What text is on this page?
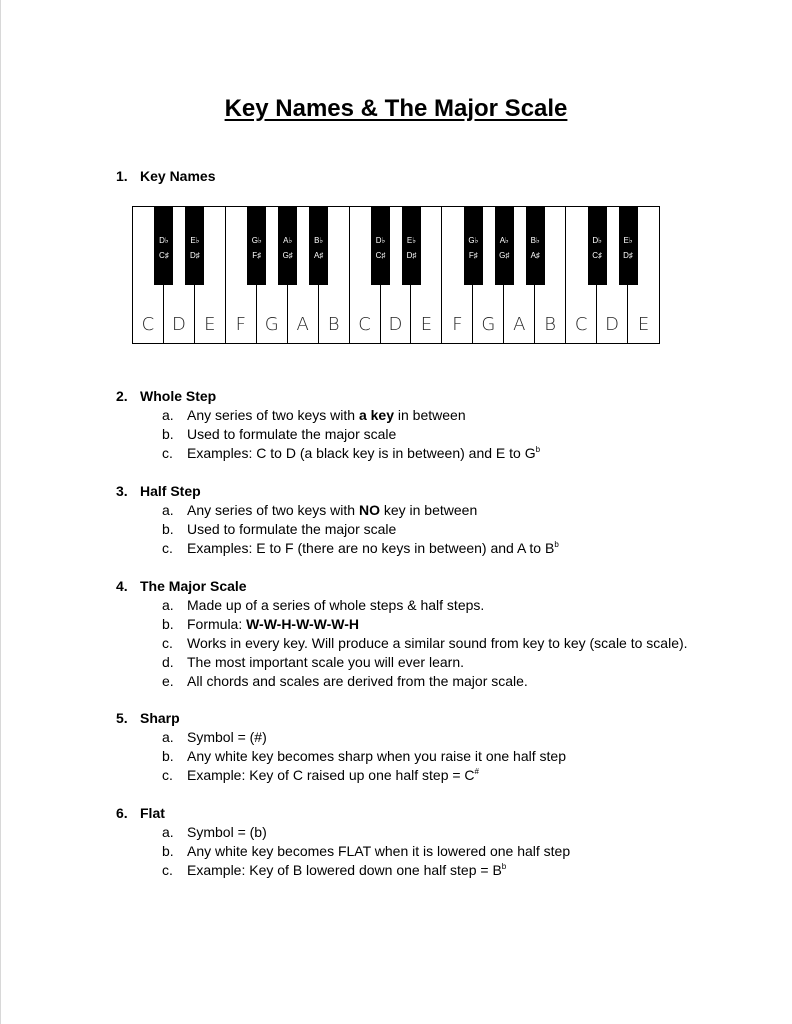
Key Names & The Major Scale
1. Key Names
C D	E	F	G A	B	C D	E	F	G A	B	C D	E
D♭
C♯
E♭
D♯
G♭
F♯
A♭
G♯
B♭
A♯
D♭
C♯
E♭
D♯
G♭
F♯
A♭
G♯
B♭
A♯
D♭
C♯
E♭
D♯
2. Whole Step
a. Any series of two keys with a key in between
b. Used to formulate the major scale
c.	Examples: C to D (a black key is in between) and E to $G^b$
3. Half Step
a. Any series of two keys with NO key in between
b. Used to formulate the major scale
c.	Examples: E to F (there are no keys in between) and A to $B^b$
4. The Major Scale
a. Made up of a series of whole steps & half steps.
b. Formula: W-W-H-W-W-W-H
c.	Works in every key. Will produce a similar sound from key to key (scale to scale).
d. The most important scale you will ever learn.
e. All chords and scales are derived from the major scale.
5. Sharp
a. Symbol = (#)
b. Any white key becomes sharp when you raise it one half step
c.	Example: Key of C raised up one half step = C#
6. Flat
a. Symbol = (b)
b. Any white key becomes FLAT when it is lowered one half step
c.	Example: Key of B lowered down one half step = $B^b$
